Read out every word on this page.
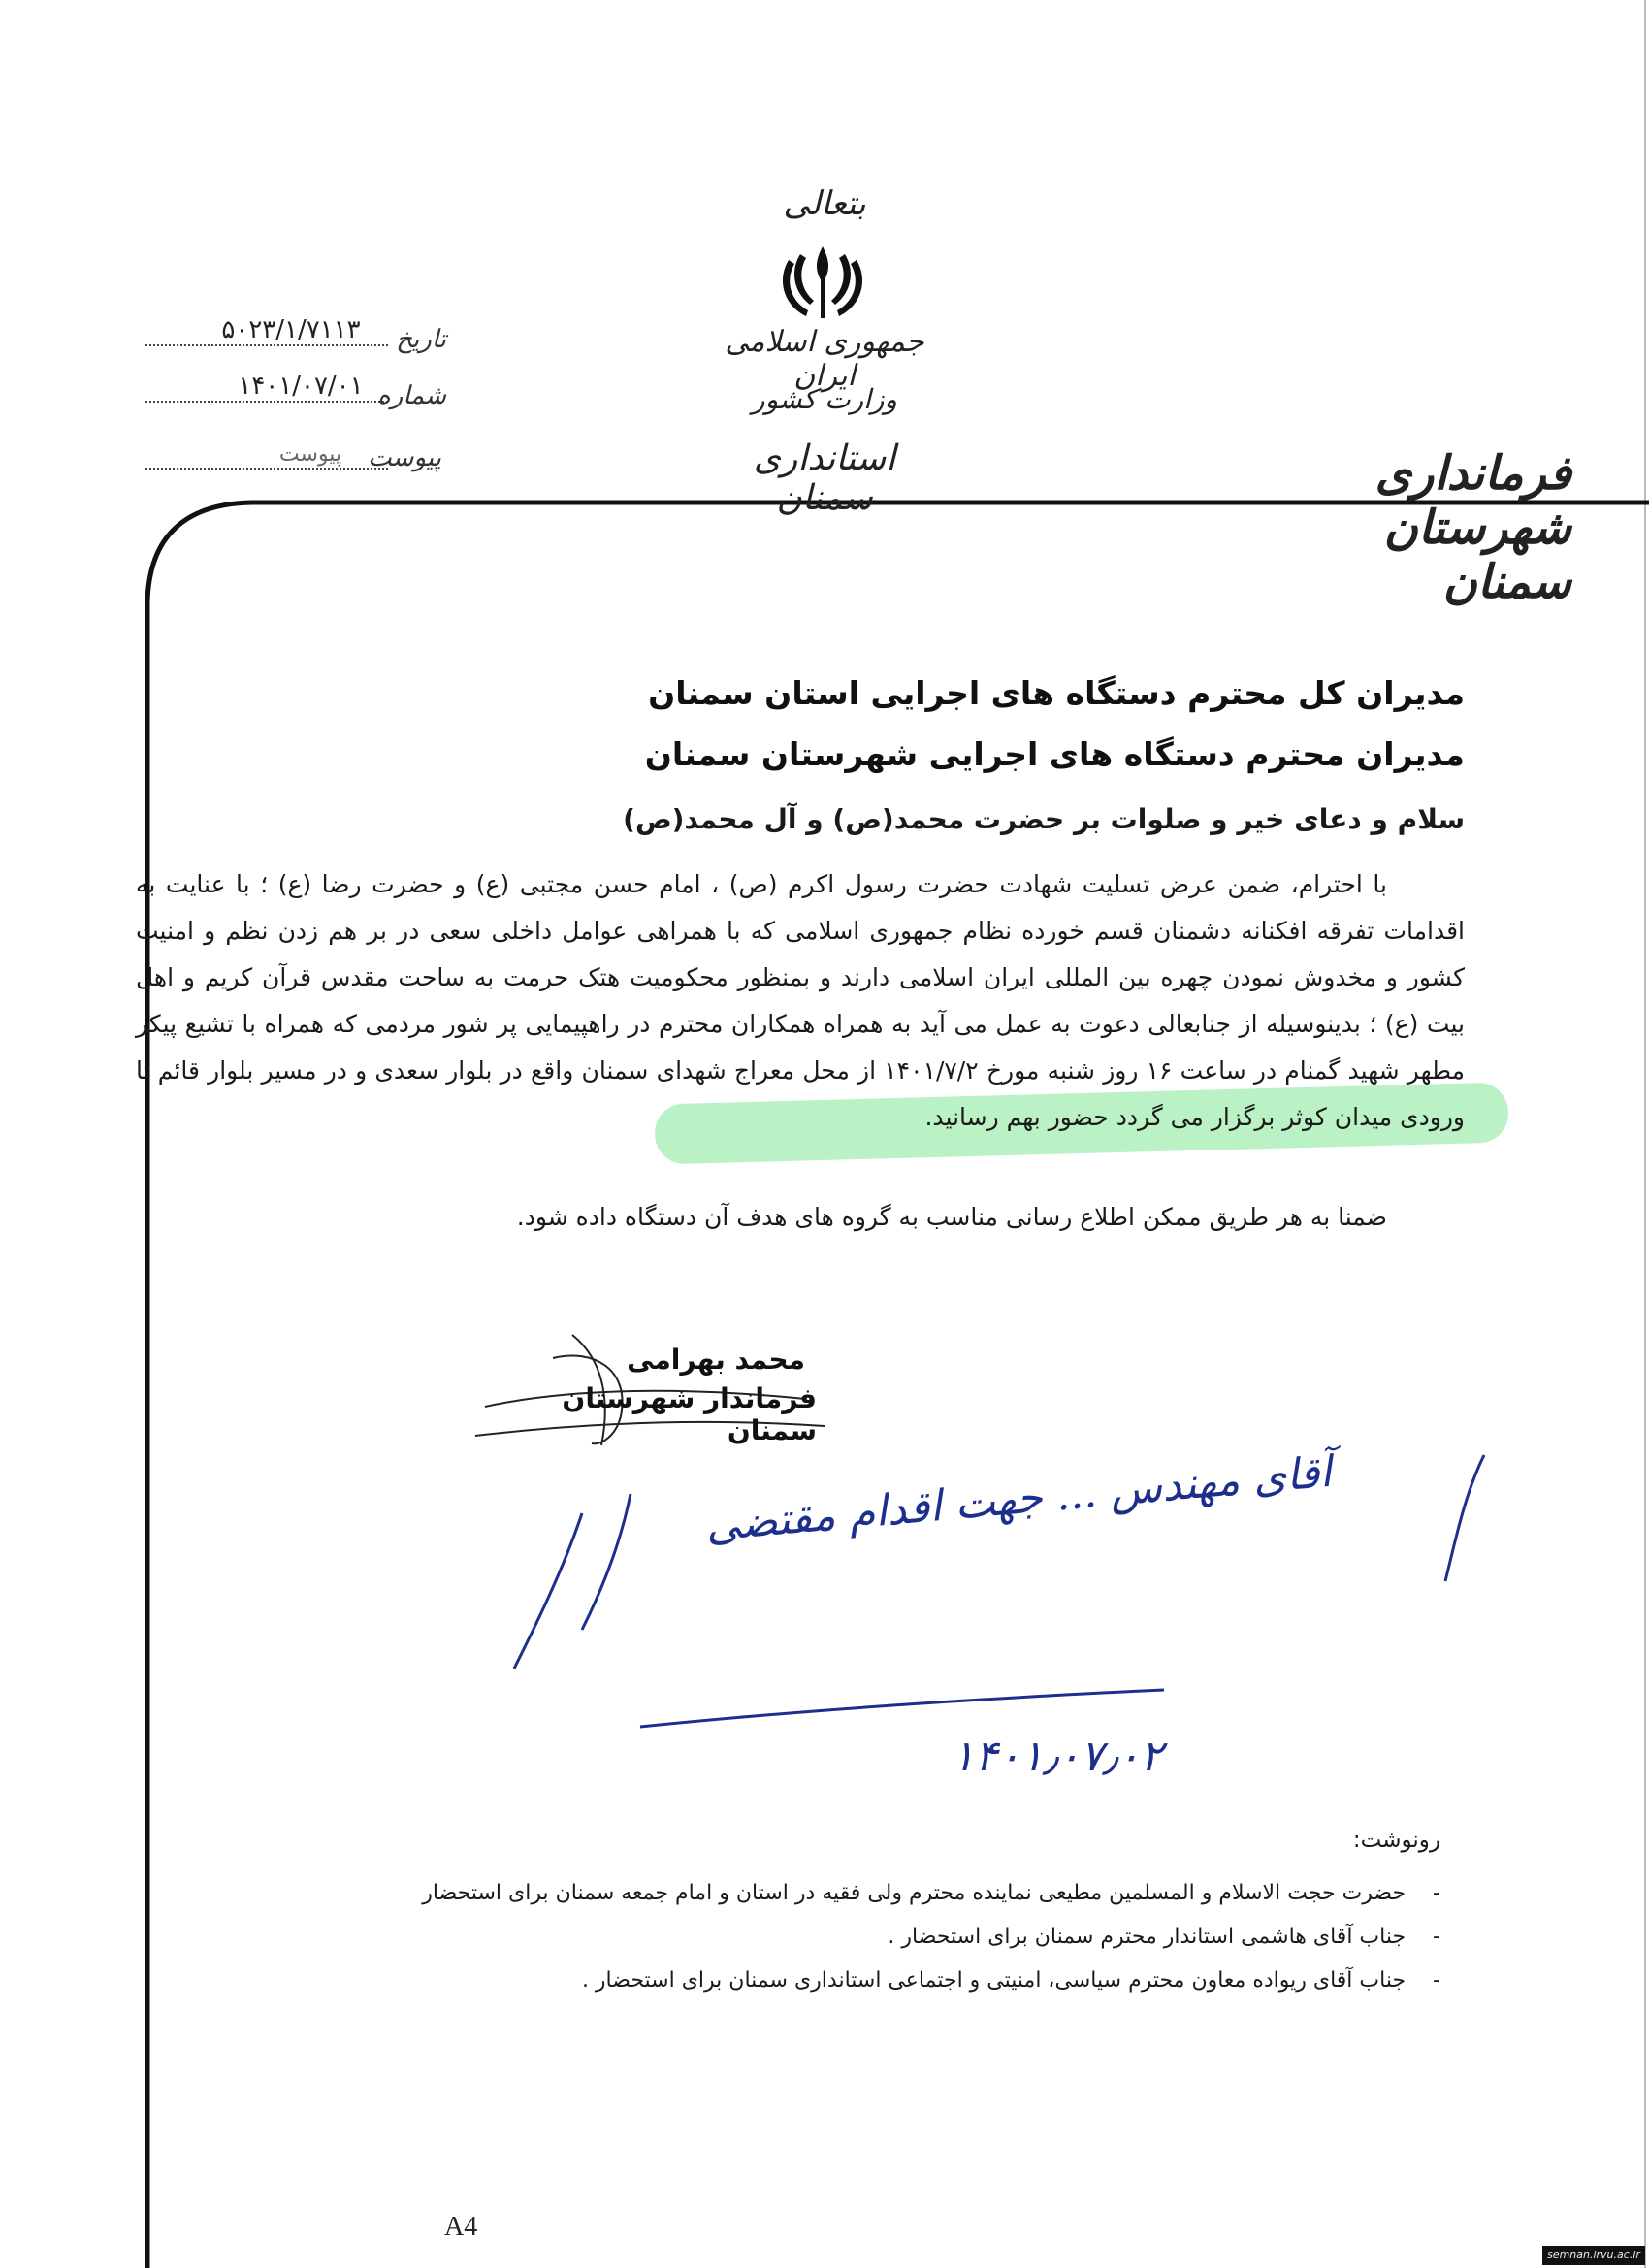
بتعالی
جمهوری اسلامی ایران
وزارت کشور
استانداری سمنان	فرمانداری شهرستان سمنان
۵۰۲۳/۱/۷۱۱۳	تاریخ
۱۴۰۱/۰۷/۰۱ شماره
پیوست	پیوست
مدیران کل محترم دستگاه های اجرایی استان سمنان
مدیران محترم دستگاه های اجرایی شهرستان سمنان
سلام و دعای خیر و صلوات بر حضرت محمد(ص) و آل محمد(ص)
با احترام، ضمن عرض تسلیت شهادت حضرت رسول اکرم (ص) ، امام حسن مجتبی (ع) و حضرت رضا (ع) ؛ با عنایت به اقدامات تفرقه افکنانه دشمنان قسم خورده نظام جمهوری اسلامی که با همراهی عوامل داخلی سعی در بر هم زدن نظم و امنیت کشور و مخدوش نمودن چهره بین المللی ایران اسلامی دارند و بمنظور محکومیت هتک حرمت به ساحت مقدس قرآن کریم و اهل بیت (ع) ؛ بدینوسیله از جنابعالی دعوت به عمل می آید به همراه همکاران محترم در راهپیمایی پر شور مردمی که همراه با تشیع پیکر مطهر شهید گمنام در ساعت ۱۶ روز شنبه مورخ ۱۴۰۱/۷/۲ از محل معراج شهدای سمنان واقع در بلوار سعدی و در مسیر بلوار قائم تا ورودی میدان کوثر برگزار می گردد حضور بهم رسانید.
ضمنا به هر طریق ممکن اطلاع رسانی مناسب به گروه های هدف آن دستگاه داده شود.
محمد بهرامی
فرماندار شهرستان سمنان
آقای مهندس ... جهت اقدام مقتضی
۱۴۰۱٫۰۷٫۰۲
رونوشت:
-    حضرت حجت الاسلام و المسلمین مطیعی نماینده محترم ولی فقیه در استان و امام جمعه سمنان برای استحضار
-    جناب آقای هاشمی استاندار محترم سمنان برای استحضار .
-    جناب آقای ریواده معاون محترم سیاسی، امنیتی و اجتماعی استانداری سمنان برای استحضار .
A4
semnan.irvu.ac.ir
